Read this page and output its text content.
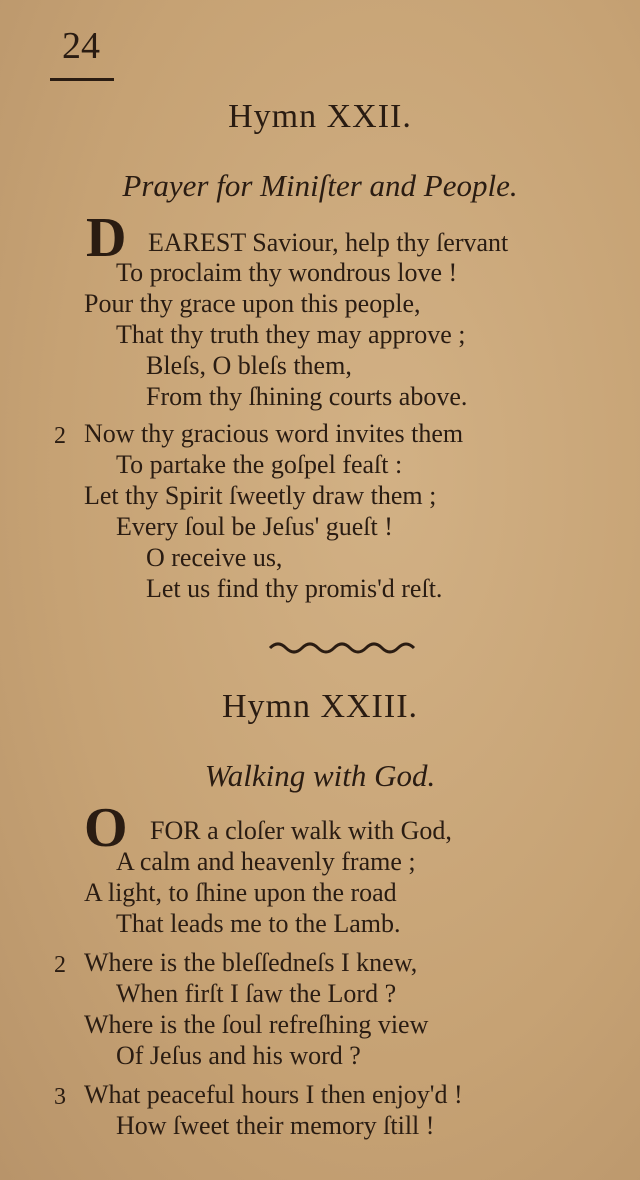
24
Hymn XXII.
Prayer for Miniſter and People.
D EAREST Saviour, help thy ſervant
To proclaim thy wondrous love !
Pour thy grace upon this people,
That thy truth they may approve ;
Bleſs, O bleſs them,
From thy ſhining courts above.
2 Now thy gracious word invites them
To partake the goſpel feaſt :
Let thy Spirit ſweetly draw them ;
Every ſoul be Jeſus' gueſt !
O receive us,
Let us find thy promis'd reſt.
Hymn XXIII.
Walking with God.
O FOR a cloſer walk with God,
A calm and heavenly frame ;
A light, to ſhine upon the road
That leads me to the Lamb.
2 Where is the bleſſedneſs I knew,
When firſt I ſaw the Lord ?
Where is the ſoul refreſhing view
Of Jeſus and his word ?
3 What peaceful hours I then enjoy'd !
How ſweet their memory ſtill !
